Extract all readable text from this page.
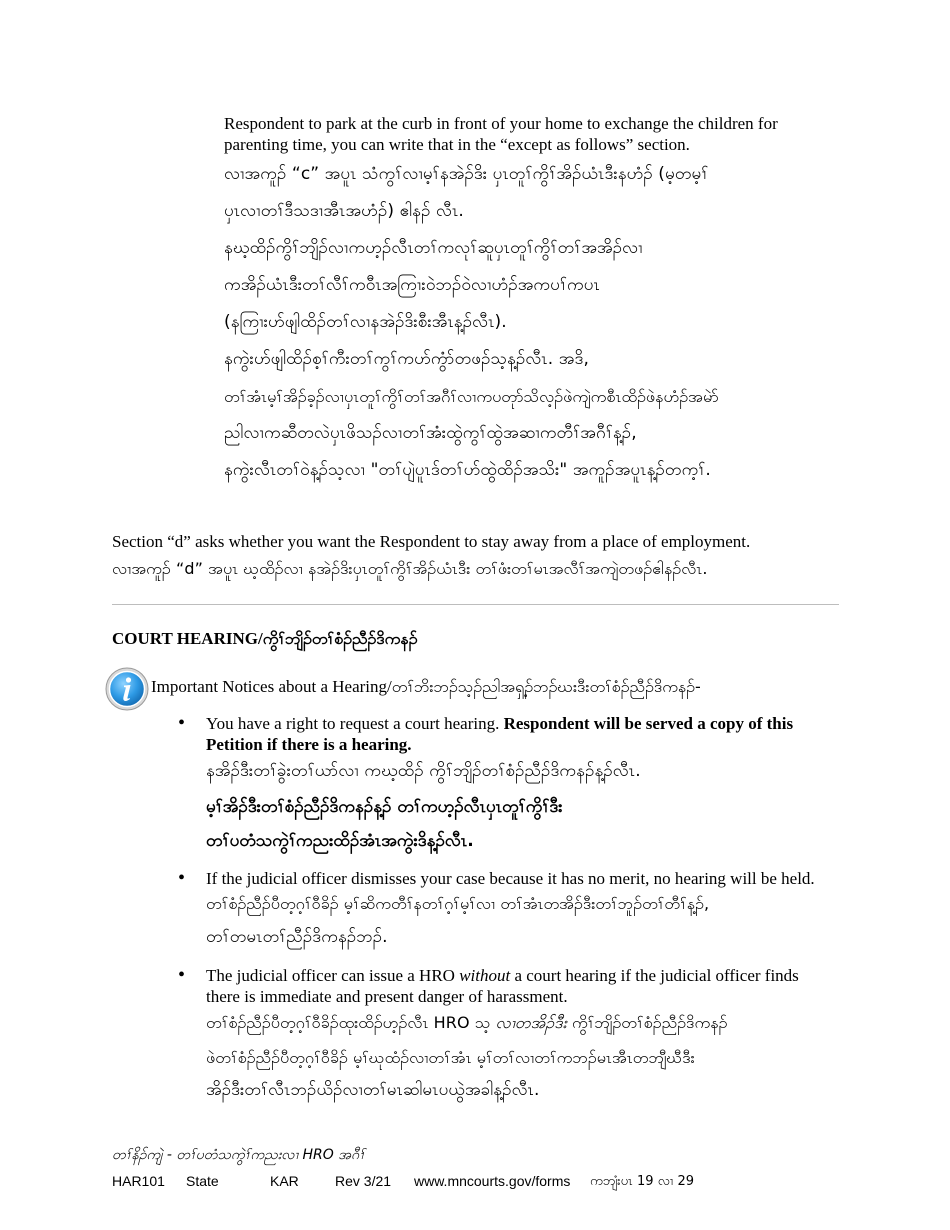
Respondent to park at the curb in front of your home to exchange the children for
parenting time, you can write that in the “except as follows” section.
လၢအကူၣ် “c” အပူၤ သံကွၢ်လၢမ့ၢ်နအဲၣ်ဒိး ပှၤတူၢ်ကွိၢ်အိၣ်ယံၤဒီးနဟံၣ် (မ့တမ့ၢ်
ပှၤလၢတၢ်ဒီသဒၢအီၤအဟံၣ်) ဧါနၣ် လီၤ.
နဃ့ထိၣ်ကွိၢ်ဘျိၣ်လၢကဟ့ၣ်လီၤတၢ်ကလုၢ်ဆူပှၤတူၢ်ကွိၢ်တၢ်အအိၣ်လၢ
ကအိၣ်ယံၤဒီးတၢ်လီၢ်ကဝီၤအကြၢးဝဲဘၣ်ဝဲလၢဟံၣ်အကပၢ်ကပၤ
(နကြၢးဟ်ဖျါထိၣ်တၢ်လၢနအဲၣ်ဒိးစီးအီၤန့ၣ်လီၤ).
နကွဲးဟ်ဖျါထိၣ်စ့ၢ်ကီးတၢ်ကွၢ်ကဟ်ကွံာ်တဖၣ်သ့န့ၣ်လီၤ. အဒိ,
တၢ်အံၤမ့ၢ်အိၣ်ခ့ၣ်လၢပှၤတူၢ်ကွိၢ်တၢ်အဂီၢ်လၢကပတုာ်သိလ့ၣ်ဖဲကျဲကစီၤထိၣ်ဖဲနဟံၣ်အမဲာ်
ညါလၢကဆီတလဲပှၤဖိသၣ်လၢတၢ်အံးထွဲကွၢ်ထွဲအဆၢကတီၢ်အဂီၢ်န့ၣ်,
နကွဲးလီၤတၢ်ဝဲန့ၣ်သ့လၢ "တၢ်ပျဲပူၤဒ်တၢ်ဟ်ထွဲထိၣ်အသိး" အကူၣ်အပူၤန့ၣ်တက့ၢ်.
Section “d” asks whether you want the Respondent to stay away from a place of employment.
လၢအကူၣ် “d” အပူၤ ဃ့ထိၣ်လၢ နအဲၣ်ဒိးပှၤတူၢ်ကွိၢ်အိၣ်ယံၤဒီး တၢ်ဖံးတၢ်မၤအလီၢ်အကျဲတဖၣ်ဧါနၣ်လီၤ.
COURT HEARING/ကွိၢ်ဘျိၣ်တၢ်စံၣ်ညီၣ်ဒိကနၣ်
Important Notices about a Hearing/တၢ်ဘိးဘၣ်သ့ၣ်ညါအရှ့ၣ်ဘၣ်ဃးဒီးတၢ်စံၣ်ညီၣ်ဒိကနၣ်-
• You have a right to request a court hearing. Respondent will be served a copy of this
Petition if there is a hearing.
နအိၣ်ဒီးတၢ်ခွဲးတၢ်ယာ်လၢ ကဃ့ထိၣ် ကွိၢ်ဘျိၣ်တၢ်စံၣ်ညီၣ်ဒိကနၣ်န့ၣ်လီၤ.
မ့ၢ်အိၣ်ဒီးတၢ်စံၣ်ညီၣ်ဒိကနၣ်န့ၣ် တၢ်ကဟ့ၣ်လီၤပှၤတူၢ်ကွိၢ်ဒီး
တၢ်ပတံသကွဲၢ်ကညးထိၣ်အံၤအကွဲးဒိန့ၣ်လီၤ.
• If the judicial officer dismisses your case because it has no merit, no hearing will be held.
တၢ်စံၣ်ညီၣ်ပီတ့ဂ့ၢ်ဝီခိၣ် မ့ၢ်ဆိကတီၢ်နတၢ်ဂ့ၢ်မ့ၢ်လၢ တၢ်အံၤတအိၣ်ဒီးတၢ်ဘူၣ်တၢ်တီၢ်န့ၣ်,
တၢ်တမၤတၢ်ညီၣ်ဒိကနၣ်ဘၣ်.
• The judicial officer can issue a HRO without a court hearing if the judicial officer finds
there is immediate and present danger of harassment.
တၢ်စံၣ်ညီၣ်ပီတ့ဂ့ၢ်ဝီခိၣ်ထုးထိၣ်ဟ့ၣ်လီၤ HRO သ့ လၢတအိၣ်ဒီး ကွိၢ်ဘျိၣ်တၢ်စံၣ်ညီၣ်ဒိကနၣ်
ဖဲတၢ်စံၣ်ညီၣ်ပီတ့ဂ့ၢ်ဝီခိၣ် မ့ၢ်ဃုထံၣ်လၢတၢ်အံၤ မ့ၢ်တၢ်လၢတၢ်ကဘၣ်မၤအီၤတဘျီဃီဒီး
အိၣ်ဒီးတၢ်လီၤဘၣ်ယိၣ်လၢတၢ်မၤဆါမၤပယွဲအခါန့ၣ်လီၤ.
တၢ်နိၣ်ကျဲ - တၢ်ပတံသကွဲၢ်ကညးလၢ HRO အဂီၢ်
HAR101 State	KAR	Rev 3/21 www.mncourts.gov/forms ကဘျံးပၤ 19 လၢ 29
